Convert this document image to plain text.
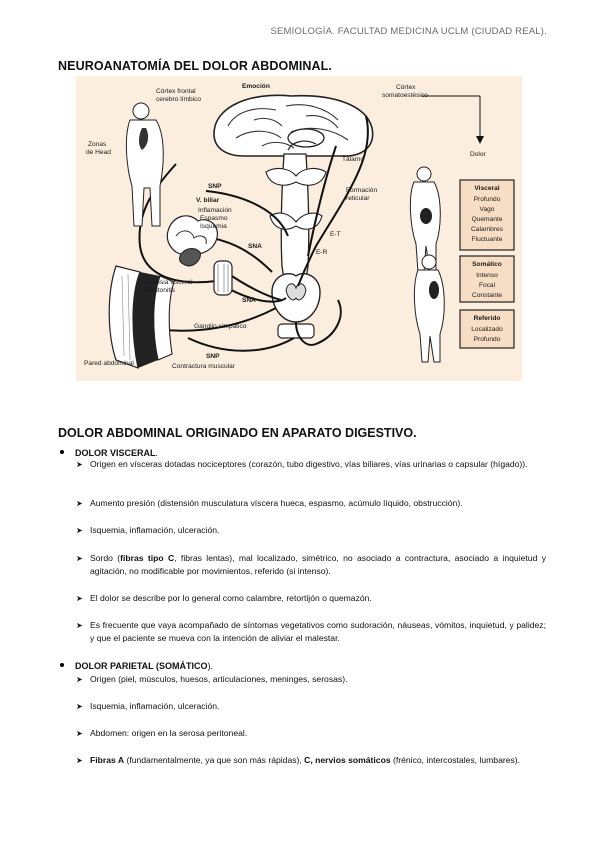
SEMIOLOGÍA. FACULTAD MEDICINA UCLM (CIUDAD REAL).
NEUROANATOMÍA DEL DOLOR ABDOMINAL.
Visceral
Profundo
Vago
Quemante
Calambres
Fluctuante
Somático
Intenso
Focal
Constante
Referido
Localizado
Profundo
Emoción
Córtex frontal
cerebro límbico
Córtex
somatoestésico
Zonas
de Head
Tálamo
Dolor
Formación
reticular
SNP
V. biliar
Inflamación
Espasmo
Isquemia
SNA
SNA
Paresia visceral
Peritonitis
Ganglio simpático
Pared abdominal
SNP
Contractura muscular
E-T
E-R
DOLOR ABDOMINAL ORIGINADO EN APARATO DIGESTIVO.
DOLOR VISCERAL .
➤ Origen en vísceras dotadas nociceptores (corazón, tubo digestivo, vías biliares, vías urinarias o capsular (hígado)).
➤ Aumento presión (distensión musculatura víscera hueca, espasmo, acúmulo líquido, obstrucción).
➤ Isquemia, inflamación, ulceración.
➤ Sordo (fibras tipo C, fibras lentas), mal localizado, simétrico, no asociado a contractura, asociado a inquietud y agitación, no modificable por movimientos, referido (si intenso).
➤ El dolor se describe por lo general como calambre, retortijón o quemazón.
➤ Es frecuente que vaya acompañado de síntomas vegetativos como sudoración, náuseas, vómitos, inquietud, y palidez; y que el paciente se mueva con la intención de aliviar el malestar.
DOLOR PARIETAL (SOMÁTICO ).
➤ Origen (piel, músculos, huesos, articulaciones, meninges, serosas).
➤ Isquemia, inflamación, ulceración.
➤ Abdomen: origen en la serosa peritoneal.
➤ Fibras A (fundamentalmente, ya que son más rápidas), C, nervios somáticos (frénico, intercostales, lumbares).
